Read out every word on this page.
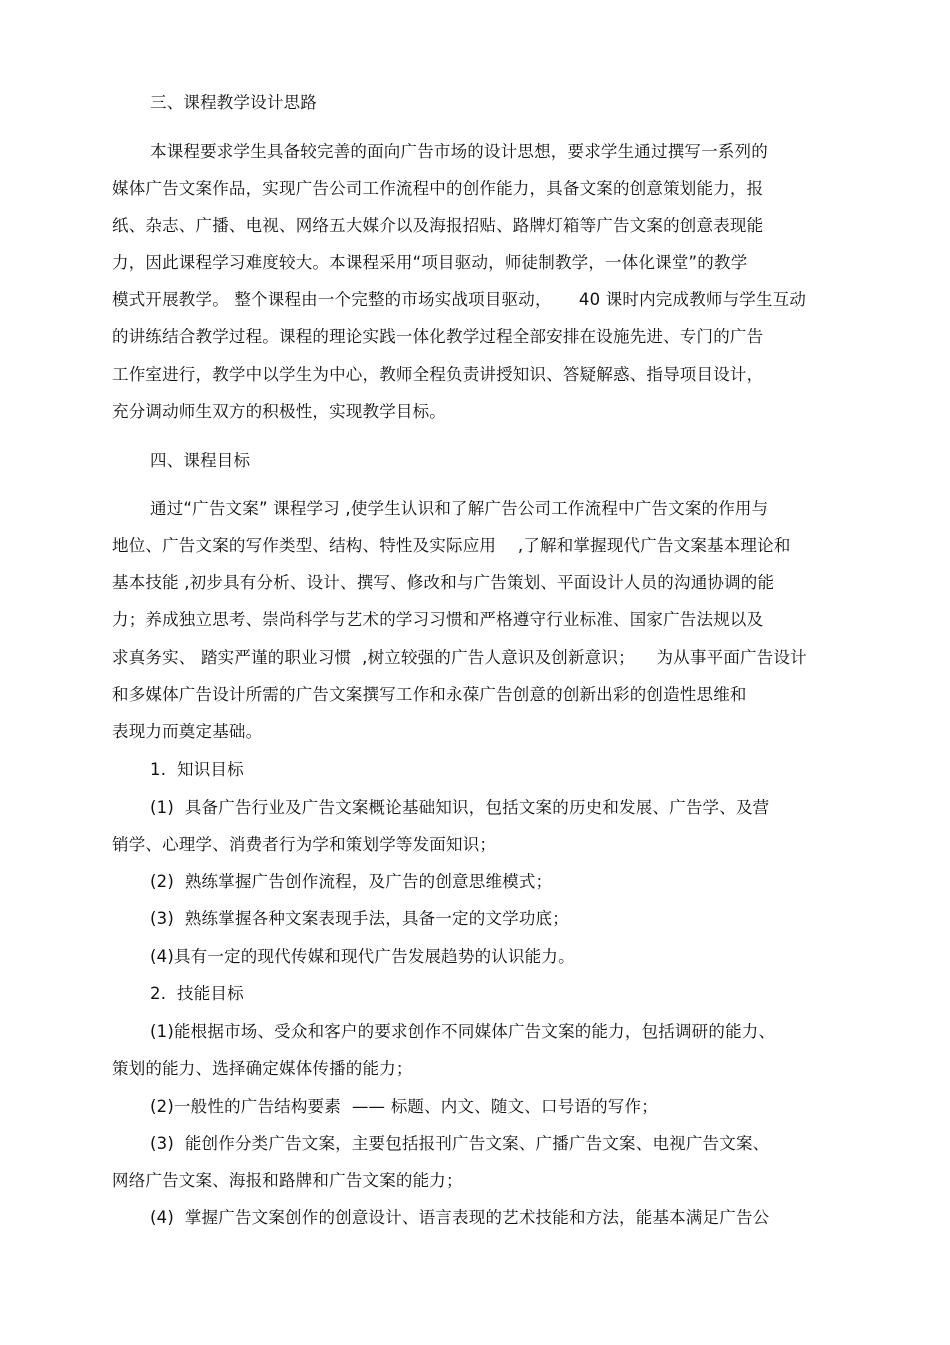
三、课程教学设计思路
本课程要求学生具备较完善的面向广告市场的设计思想，要求学生通过撰写一系列的
媒体广告文案作品，实现广告公司工作流程中的创作能力，具备文案的创意策划能力，报
纸、杂志、广播、电视、网络五大媒介以及海报招贴、路牌灯箱等广告文案的创意表现能
力，因此课程学习难度较大。本课程采用“项目驱动，师徒制教学，一体化课堂”的教学
模式开展教学。 整个课程由一个完整的市场实战项目驱动，     40 课时内完成教师与学生互动
的讲练结合教学过程。课程的理论实践一体化教学过程全部安排在设施先进、专门的广告
工作室进行，教学中以学生为中心，教师全程负责讲授知识、答疑解惑、指导项目设计，
充分调动师生双方的积极性，实现教学目标。
四、课程目标
通过“广告文案” 课程学习 ,使学生认识和了解广告公司工作流程中广告文案的作用与
地位、广告文案的写作类型、结构、特性及实际应用    ,了解和掌握现代广告文案基本理论和
基本技能 ,初步具有分析、设计、撰写、修改和与广告策划、平面设计人员的沟通协调的能
力；养成独立思考、崇尚科学与艺术的学习习惯和严格遵守行业标准、国家广告法规以及
求真务实、 踏实严谨的职业习惯  ,树立较强的广告人意识及创新意识；    为从事平面广告设计
和多媒体广告设计所需的广告文案撰写工作和永葆广告创意的创新出彩的创造性思维和
表现力而奠定基础。
1.  知识目标
(1)  具备广告行业及广告文案概论基础知识，包括文案的历史和发展、广告学、及营
销学、心理学、消费者行为学和策划学等发面知识；
(2)  熟练掌握广告创作流程，及广告的创意思维模式；
(3)  熟练掌握各种文案表现手法，具备一定的文学功底；
(4)具有一定的现代传媒和现代广告发展趋势的认识能力。
2.  技能目标
(1)能根据市场、受众和客户的要求创作不同媒体广告文案的能力，包括调研的能力、
策划的能力、选择确定媒体传播的能力；
(2)一般性的广告结构要素  —— 标题、内文、随文、口号语的写作；
(3)  能创作分类广告文案，主要包括报刊广告文案、广播广告文案、电视广告文案、
网络广告文案、海报和路牌和广告文案的能力；
(4)  掌握广告文案创作的创意设计、语言表现的艺术技能和方法，能基本满足广告公
